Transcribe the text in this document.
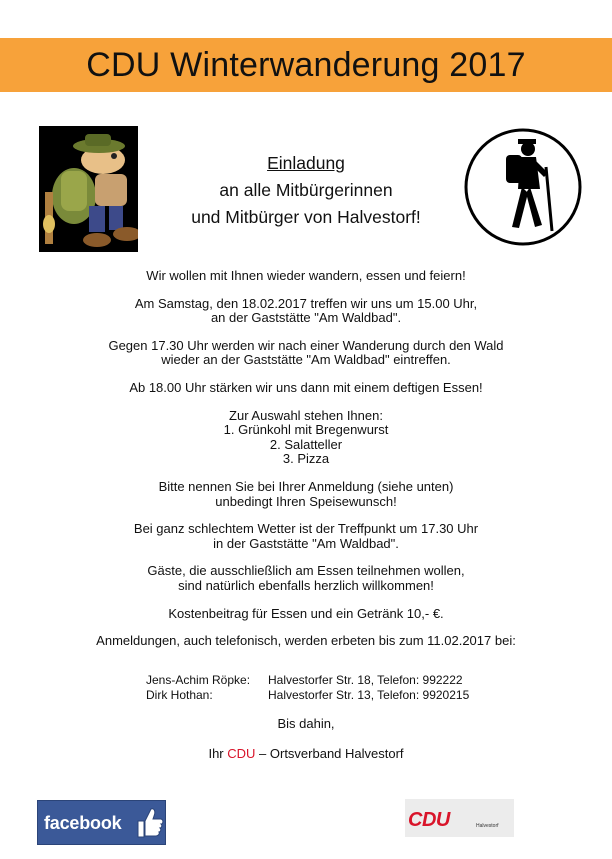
CDU Winterwanderung 2017
Einladung
an alle Mitbürgerinnen
und Mitbürger von Halvestorf!

Wir wollen mit Ihnen wieder wandern, essen und feiern!

Am Samstag, den 18.02.2017 treffen wir uns um 15.00 Uhr,
an der Gaststätte "Am Waldbad".

Gegen 17.30 Uhr werden wir nach einer Wanderung durch den Wald
wieder an der Gaststätte "Am Waldbad" eintreffen.

Ab 18.00 Uhr stärken wir uns dann mit einem deftigen Essen!

Zur Auswahl stehen Ihnen:
1. Grünkohl mit Bregenwurst
2. Salatteller
3. Pizza

Bitte nennen Sie bei Ihrer Anmeldung (siehe unten)
unbedingt Ihren Speisewunsch!

Bei ganz schlechtem Wetter ist der Treffpunkt um 17.30 Uhr
in der Gaststätte "Am Waldbad".

Gäste, die ausschließlich am Essen teilnehmen wollen,
sind natürlich ebenfalls herzlich willkommen!

Kostenbeitrag für Essen und ein Getränk 10,- €.

Anmeldungen, auch telefonisch, werden erbeten bis zum 11.02.2017 bei:

Jens-Achim Röpke:	Halvestorfer Str. 18, Telefon: 992222
Dirk Hothan:	Halvestorfer Str. 13, Telefon: 9920215
Bis dahin,
Ihr CDU – Ortsverband Halvestorf
facebook	CDU	Halvestorf
